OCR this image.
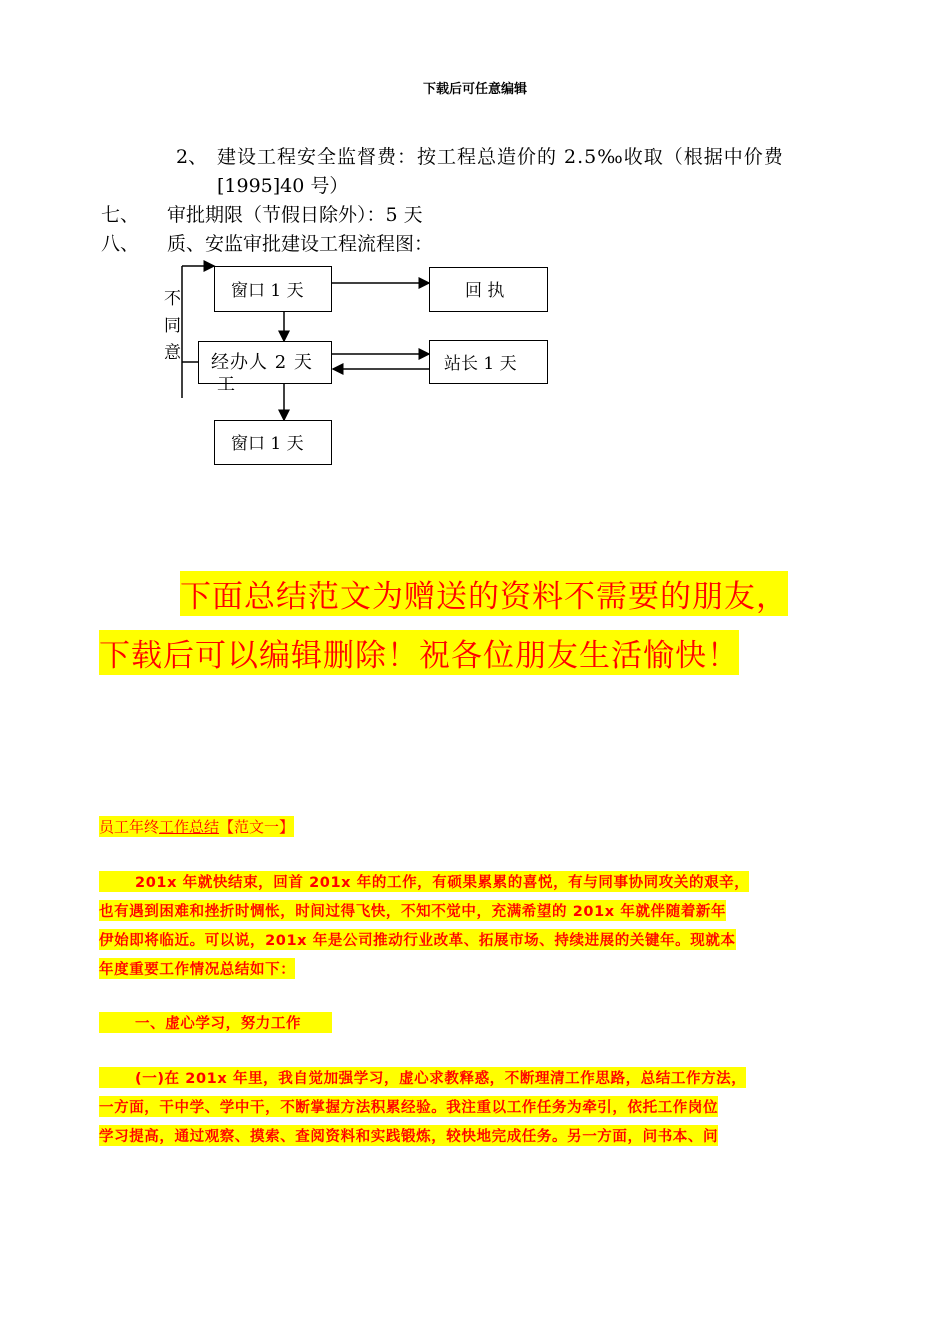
下载后可任意编辑
2、 建设工程安全监督费：按工程总造价的 2.5‰收取（根据中价费
[1995]40 号）
七、 审批期限（节假日除外）：5 天
八、 质、安监审批建设工程流程图：
窗口 1 天	回 执
经办人 2 天
工
站长 1 天
窗口 1 天
不
同
意
下面总结范文为赠送的资料不需要的朋友，
下载后可以编辑删除！祝各位朋友生活愉快！
员工年终工作总结【范文一】
201x 年就快结束，回首 201x 年的工作，有硕果累累的喜悦，有与同事协同攻关的艰辛，
也有遇到困难和挫折时惆怅，时间过得飞快，不知不觉中，充满希望的 201x 年就伴随着新年
伊始即将临近。可以说，201x 年是公司推动行业改革、拓展市场、持续进展的关键年。现就本
年度重要工作情况总结如下：
一、虚心学习，努力工作
(一)在 201x 年里，我自觉加强学习，虚心求教释惑，不断理清工作思路，总结工作方法，
一方面，干中学、学中干，不断掌握方法积累经验。我注重以工作任务为牵引，依托工作岗位
学习提高，通过观察、摸索、查阅资料和实践锻炼，较快地完成任务。另一方面，问书本、问
